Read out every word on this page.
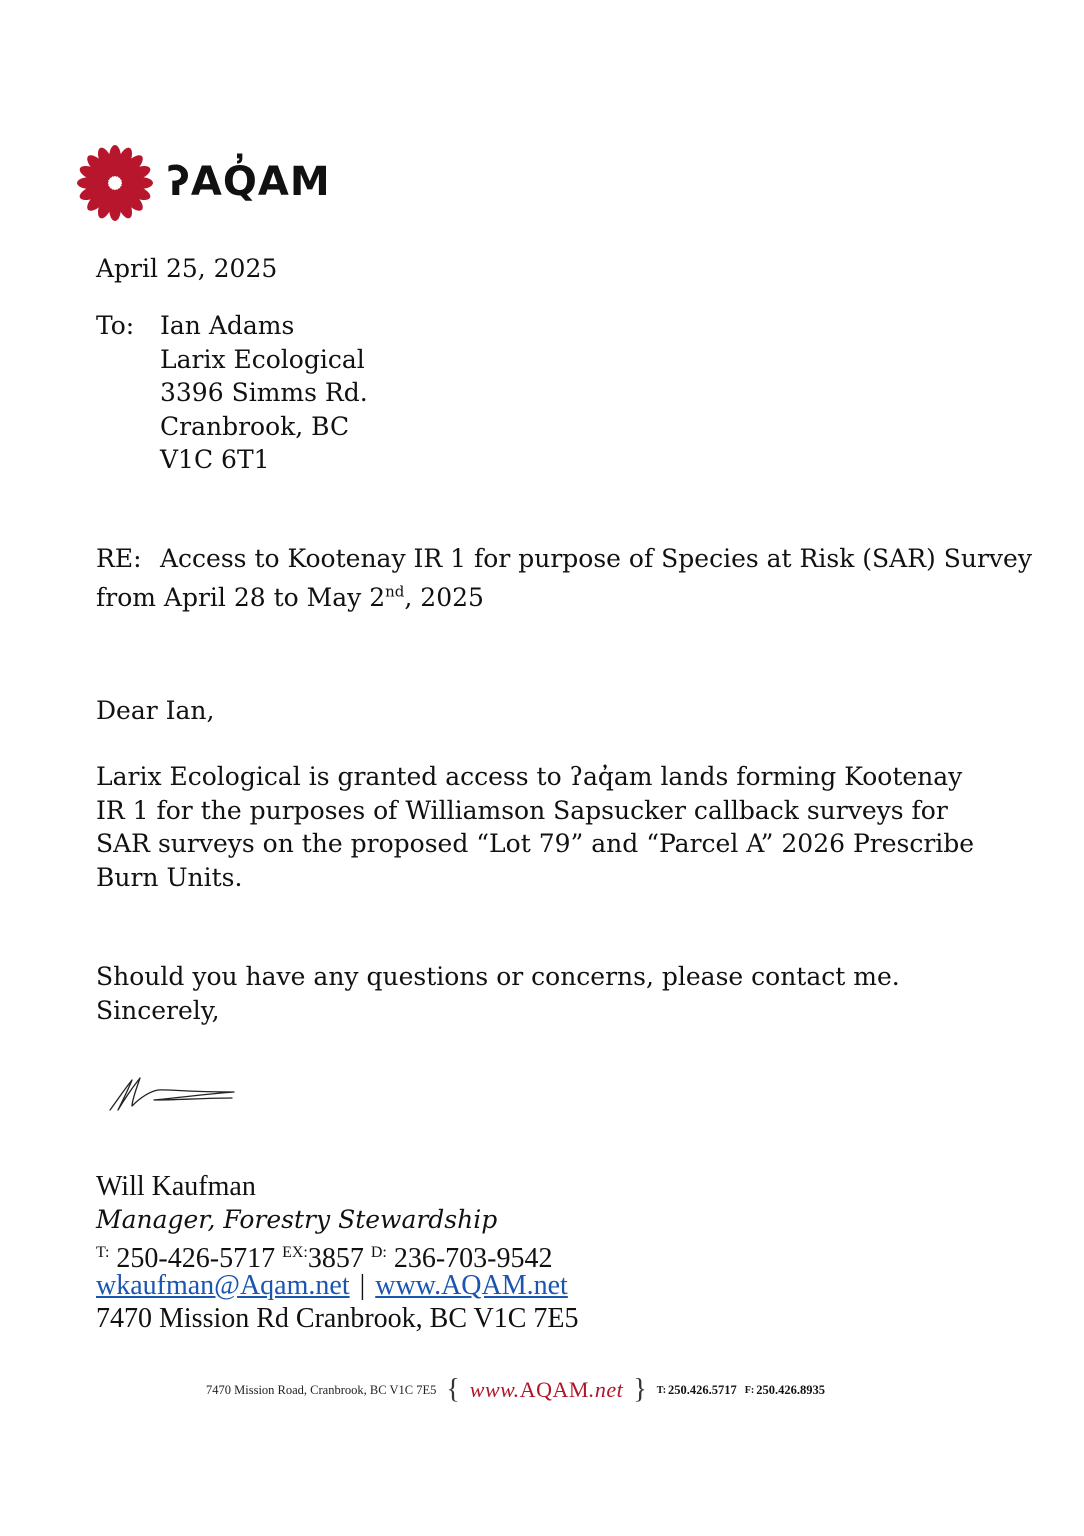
ʔAQ̓AM
April 25, 2025
To: Ian Adams
Larix Ecological
3396 Simms Rd.
Cranbrook, BC
V1C 6T1
RE: Access to Kootenay IR 1 for purpose of Species at Risk (SAR) Survey
from April 28 to May 2nd, 2025
Dear Ian,
Larix Ecological is granted access to ʔaq̓am lands forming Kootenay IR 1 for the purposes of Williamson Sapsucker callback surveys for SAR surveys on the proposed “Lot 79” and “Parcel A” 2026 Prescribe Burn Units.
Should you have any questions or concerns, please contact me.
Sincerely,
Will Kaufman
Manager, Forestry Stewardship
$^{T:}$ 250-426-5717 $^{EX:}$3857 $^{D:}$ 236-703-9542
wkaufman@Aqam.net | www.AQAM.net
7470 Mission Rd Cranbrook, BC V1C 7E5
7470 Mission Road, Cranbrook, BC V1C 7E5 { www.AQAM.net } T: 250.426.5717 F: 250.426.8935
